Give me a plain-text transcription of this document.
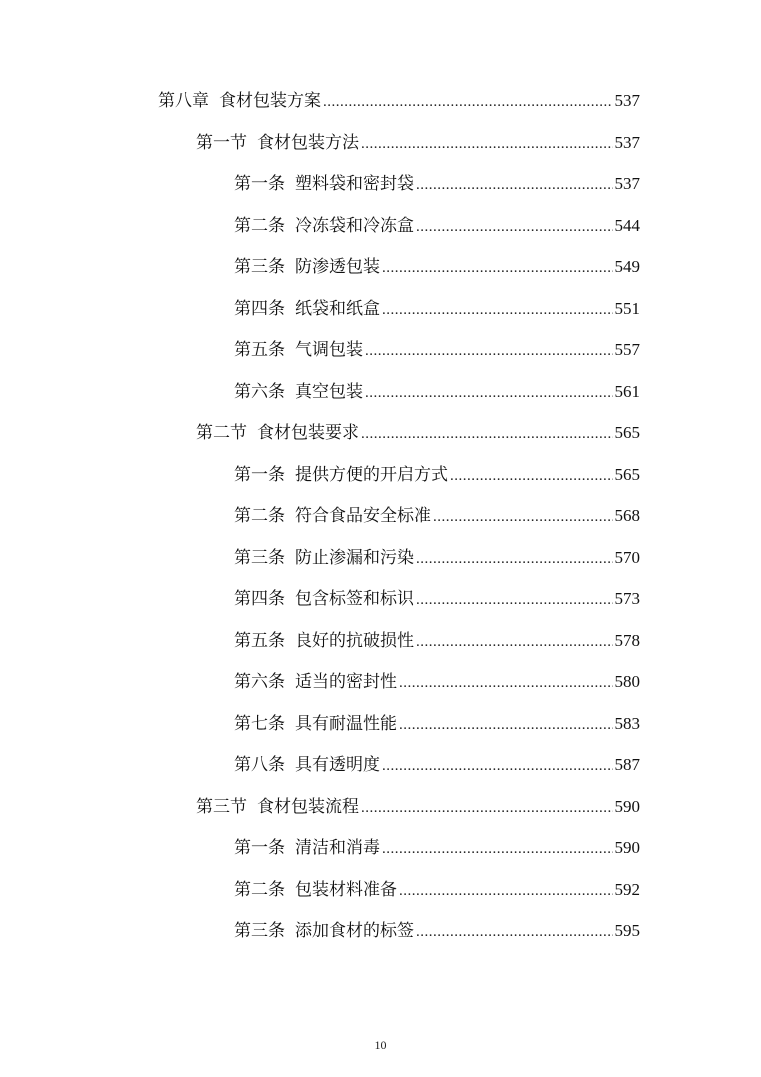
第八章 食材包装方案 .....	537
第一节 食材包装方法 .....	537
第一条 塑料袋和密封袋 .....	537
第二条 冷冻袋和冷冻盒 .....	544
第三条 防渗透包装 .....	549
第四条 纸袋和纸盒 .....	551
第五条 气调包装 .....	557
第六条 真空包装 .....	561
第二节 食材包装要求 .....	565
第一条 提供方便的开启方式 .....	565
第二条 符合食品安全标准 .....	568
第三条 防止渗漏和污染 .....	570
第四条 包含标签和标识 .....	573
第五条 良好的抗破损性 .....	578
第六条 适当的密封性 .....	580
第七条 具有耐温性能 .....	583
第八条 具有透明度 .....	587
第三节 食材包装流程 .....	590
第一条 清洁和消毒 .....	590
第二条 包装材料准备 .....	592
第三条 添加食材的标签 .....	595
10
